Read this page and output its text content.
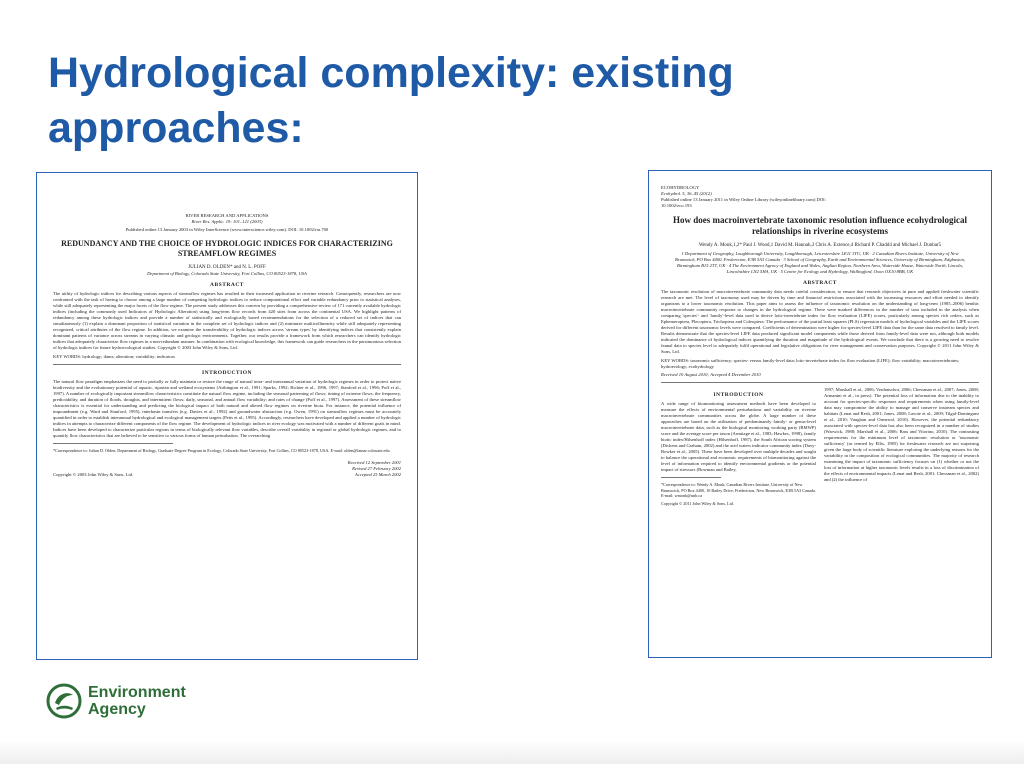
Hydrological complexity: existing approaches:
RIVER RESEARCH AND APPLICATIONS
River Res. Applic. 19: 101–121 (2003)
Published online 13 January 2003 in Wiley InterScience (www.interscience.wiley.com). DOI: 10.1002/rra.700
REDUNDANCY AND THE CHOICE OF HYDROLOGIC INDICES FOR CHARACTERIZING STREAMFLOW REGIMES
JULIAN D. OLDEN* and N. L. POFF
Department of Biology, Colorado State University, Fort Collins, CO 80523-1878, USA
ABSTRACT

The utility of hydrologic indices for describing various aspects of streamflow regimes has resulted in their increased application in riverine research. Consequently, researchers are now confronted with the task of having to choose among a large number of competing hydrologic indices to reduce computational effort and variable redundancy prior to statistical analyses, while still adequately representing the major facets of the flow regime. The present study addresses this concern by providing a comprehensive review of 171 currently available hydrologic indices (including the commonly used Indicators of Hydrologic Alteration) using long-term flow records from 420 sites from across the continental USA. We highlight patterns of redundancy among these hydrologic indices and provide a number of statistically and ecologically based recommendations for the selection of a reduced set of indices that can simultaneously (1) explain a dominant proportion of statistical variation in the complete set of hydrologic indices and (2) minimize multicollinearity while still adequately representing recognized, critical attributes of the flow regime. In addition, we examine the transferability of hydrologic indices across 'stream types' by identifying indices that consistently explain dominant patterns of variance across streams in varying climatic and geologic environments. Together, our results provide a framework from which researchers can identify hydrologic indices that adequately characterize flow regimes in a non-redundant manner. In combination with ecological knowledge, this framework can guide researchers in the parsimonious selection of hydrologic indices for future hydroecological studies. Copyright © 2003 John Wiley & Sons, Ltd.

KEY WORDS: hydrology; dams; alteration; variability; indicators
INTRODUCTION

The natural flow paradigm emphasizes the need to partially or fully maintain or restore the range of natural intra- and interannual variation of hydrologic regimes in order to protect native biodiversity and the evolutionary potential of aquatic, riparian and wetland ecosystems (Arthington et al., 1991; Sparks, 1992; Richter et al., 1996, 1997; Stanford et al., 1996; Poff et al., 1997). A number of ecologically important streamflow characteristics constitute the natural flow regime, including the seasonal patterning of flows; timing of extreme flows; the frequency, predictability, and duration of floods, droughts, and intermittent flows; daily, seasonal, and annual flow variability; and rates of change (Poff et al., 1997). Assessment of these streamflow characteristics is essential for understanding and predicting the biological impact of both natural and altered flow regimes on riverine biota. For instance, the potential influence of impoundment (e.g. Ward and Stanford, 1995), interbasin transfers (e.g. Davies et al., 1992) and groundwater abstraction (e.g. Owen, 1991) on streamflow regimes must be accurately quantified in order to establish interannual hydrological and ecological management targets (Petts et al., 1995). Accordingly, researchers have developed and applied a number of hydrologic indices in attempts to characterize different components of the flow regime. The development of hydrologic indices in river ecology was motivated with a number of different goals in mind. Indices have been developed to characterize particular regions in terms of biologically relevant flow variables, describe overall variability in regional or global hydrologic regimes, and to quantify flow characteristics that are believed to be sensitive to various forms of human perturbation. The overarching

*Correspondence to: Julian D. Olden, Department of Biology, Graduate Degree Program in Ecology, Colorado State University, Fort Collins, CO 80523-1878, USA. E-mail: olden@lamar.colostate.edu
Copyright © 2003 John Wiley & Sons, Ltd.
Received 12 September 2001
Revised 27 February 2002
Accepted 25 March 2002
ECOHYDROLOGY
Ecohydrol. 5, 36–45 (2012)
Published online 13 January 2011 in Wiley Online Library (wileyonlinelibrary.com) DOI: 10.1002/eco.193
How does macroinvertebrate taxonomic resolution influence ecohydrological relationships in riverine ecosystems
Wendy A. Monk,1,2* Paul J. Wood,1 David M. Hannah,3 Chris A. Extence,4 Richard P. Chadd4 and Michael J. Dunbar5
1 Department of Geography, Loughborough University, Loughborough, Leicestershire LE11 3TU, UK · 2 Canadian Rivers Institute, University of New Brunswick, PO Box 4400, Fredericton, E3B 5A3 Canada · 3 School of Geography, Earth and Environmental Sciences, University of Birmingham, Edgbaston, Birmingham B15 2TT, UK · 4 The Environment Agency of England and Wales, Anglian Region, Northern Area, Waterside House, Waterside North, Lincoln, Lincolnshire LN2 5HA, UK · 5 Centre for Ecology and Hydrology, Wallingford, Oxon OX10 8BB, UK
ABSTRACT

The taxonomic resolution of macroinvertebrate community data needs careful consideration, to ensure that research objectives in pure and applied freshwater scientific research are met. The level of taxonomy used may be driven by time and financial restrictions associated with the increasing resources and effort needed to identify organisms to a lower taxonomic resolution. This paper aims to assess the influence of taxonomic resolution on the understanding of long-term (1985–2006) benthic macroinvertebrate community response to changes in the hydrological regime. There were marked differences in the number of taxa included in the analysis when comparing 'species'- and 'family'-level data used to derive lotic-invertebrate index for flow evaluation (LIFE) scores, particularly among species rich orders, such as Ephemeroptera, Plecoptera, Trichoptera and Coleoptera. The performance of the partial least squares (PLS) regression models of hydrological variables and the LIFE scores derived for different taxonomic levels were compared. Coefficients of determination were higher for species-level LIFE data than for the same data resolved to family level. Results demonstrate that the species-level LIFE data produced significant model components while those derived from family-level data were not, although both models indicated the dominance of hydrological indices quantifying the duration and magnitude of the hydrological events. We conclude that there is a growing need to resolve faunal data to species level to adequately fulfil operational and legislative obligations for river management and conservation purposes. Copyright © 2011 John Wiley & Sons, Ltd.

KEY WORDS: taxonomic sufficiency; species- versus family-level data; lotic-invertebrate index for flow evaluation (LIFE); flow variability; macroinvertebrates; hydroecology; ecohydrology
Received 10 August 2010; Accepted 4 December 2010
INTRODUCTION

A wide range of biomonitoring assessment methods have been developed to measure the effects of environmental perturbations and variability on riverine macroinvertebrate communities across the globe. A large number of these approaches are based on the utilization of predominantly family- or genus-level macroinvertebrate data, such as the biological monitoring working party (BMWP) score and the average score per taxon (Armitage et al., 1983; Hawkes, 1998), family biotic index/Hilsenhoff index (Hilsenhoff, 1987), the South African scoring system (Dickens and Graham, 2002) and the acid waters indicator community index (Davy-Bowker et al., 2005). These have been developed over multiple decades and sought to balance the operational and economic requirements of biomonitoring against the level of information required to identify environmental gradients or the potential impact of stressors (Bowman and Bailey,

*Correspondence to: Wendy A. Monk, Canadian Rivers Institute, University of New Brunswick, PO Box 4400, 10 Bailey Drive, Fredericton, New Brunswick, E3B 5A3 Canada. E-mail: wmonk@unb.ca
Copyright © 2011 John Wiley & Sons, Ltd.

1997; Marshall et al., 2006; Verdonschot, 2006; Chessman et al., 2007; Jones, 2008; Armanini et al., in press). The potential loss of information due to the inability to account for species-specific responses and requirements when using family-level data may compromise the ability to manage and conserve instream species and habitats (Lenat and Resh, 2001; Jones, 2008; Lavoie et al., 2009; Tilgal-Dominguez et al., 2010; Vaughan and Ormerod, 2010). However, the potential redundancy associated with species-level data has also been recognized in a number of studies (Warwick, 1988; Marshall et al., 2006; Bass and Vitorino, 2010). The contrasting requirements for the minimum level of taxonomic resolution or 'taxonomic sufficiency' (as termed by Ellis, 1985) for freshwater research are not surprising given the large body of scientific literature exploring the underlying reasons for the variability in the composition of ecological communities. The majority of research examining the impact of taxonomic sufficiency focuses on (1) whether or not the loss of information at higher taxonomic levels results in a loss of discrimination of the effects of environmental impacts (Lenat and Resh, 2001; Chessman et al., 2002) and (2) the influence of

Environment
Agency
